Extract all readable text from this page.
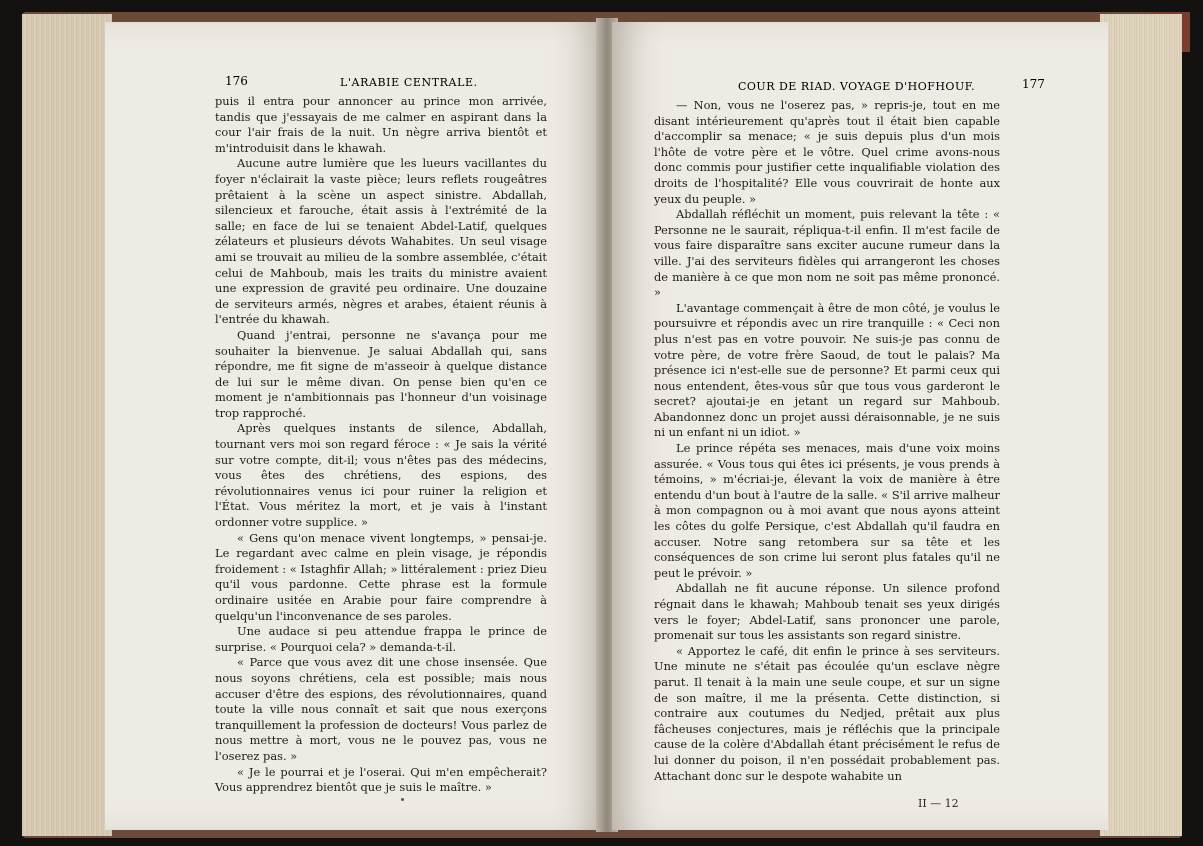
176	L'ARABIE CENTRALE.

puis il entra pour annoncer au prince mon arrivée, tandis que j'essayais de me calmer en aspirant dans la cour l'air frais de la nuit. Un nègre arriva bientôt et m'introduisit dans le khawah.

Aucune autre lumière que les lueurs vacillantes du foyer n'éclairait la vaste pièce; leurs reflets rougeâtres prêtaient à la scène un aspect sinistre. Abdallah, silencieux et farouche, était assis à l'extrémité de la salle; en face de lui se tenaient Abdel-Latif, quelques zélateurs et plusieurs dévots Wahabites. Un seul visage ami se trouvait au milieu de la sombre assemblée, c'était celui de Mahboub, mais les traits du ministre avaient une expression de gravité peu ordinaire. Une douzaine de serviteurs armés, nègres et arabes, étaient réunis à l'entrée du khawah.

Quand j'entrai, personne ne s'avança pour me souhaiter la bienvenue. Je saluai Abdallah qui, sans répondre, me fit signe de m'asseoir à quelque distance de lui sur le même divan. On pense bien qu'en ce moment je n'ambitionnais pas l'honneur d'un voisinage trop rapproché.

Après quelques instants de silence, Abdallah, tournant vers moi son regard féroce : « Je sais la vérité sur votre compte, dit-il; vous n'êtes pas des médecins, vous êtes des chrétiens, des espions, des révolutionnaires venus ici pour ruiner la religion et l'État. Vous méritez la mort, et je vais à l'instant ordonner votre supplice. »

« Gens qu'on menace vivent longtemps, » pensai-je. Le regardant avec calme en plein visage, je répondis froidement : « Istaghfir Allah; » littéralement : priez Dieu qu'il vous pardonne. Cette phrase est la formule ordinaire usitée en Arabie pour faire comprendre à quelqu'un l'inconvenance de ses paroles.

Une audace si peu attendue frappa le prince de surprise. « Pourquoi cela? » demanda-t-il.

« Parce que vous avez dit une chose insensée. Que nous soyons chrétiens, cela est possible; mais nous accuser d'être des espions, des révolutionnaires, quand toute la ville nous connaît et sait que nous exerçons tranquillement la profession de docteurs! Vous parlez de nous mettre à mort, vous ne le pouvez pas, vous ne l'oserez pas. »

« Je le pourrai et je l'oserai. Qui m'en empêcherait? Vous apprendrez bientôt que je suis le maître. »

COUR DE RIAD. VOYAGE D'HOFHOUF.	177

— Non, vous ne l'oserez pas, » repris-je, tout en me disant intérieurement qu'après tout il était bien capable d'accomplir sa menace; « je suis depuis plus d'un mois l'hôte de votre père et le vôtre. Quel crime avons-nous donc commis pour justifier cette inqualifiable violation des droits de l'hospitalité? Elle vous couvrirait de honte aux yeux du peuple. »

Abdallah réfléchit un moment, puis relevant la tête : « Personne ne le saurait, répliqua-t-il enfin. Il m'est facile de vous faire disparaître sans exciter aucune rumeur dans la ville. J'ai des serviteurs fidèles qui arrangeront les choses de manière à ce que mon nom ne soit pas même prononcé. »

L'avantage commençait à être de mon côté, je voulus le poursuivre et répondis avec un rire tranquille : « Ceci non plus n'est pas en votre pouvoir. Ne suis-je pas connu de votre père, de votre frère Saoud, de tout le palais? Ma présence ici n'est-elle sue de personne? Et parmi ceux qui nous entendent, êtes-vous sûr que tous vous garderont le secret? ajoutai-je en jetant un regard sur Mahboub. Abandonnez donc un projet aussi déraisonnable, je ne suis ni un enfant ni un idiot. »

Le prince répéta ses menaces, mais d'une voix moins assurée. « Vous tous qui êtes ici présents, je vous prends à témoins, » m'écriai-je, élevant la voix de manière à être entendu d'un bout à l'autre de la salle. « S'il arrive malheur à mon compagnon ou à moi avant que nous ayons atteint les côtes du golfe Persique, c'est Abdallah qu'il faudra en accuser. Notre sang retombera sur sa tête et les conséquences de son crime lui seront plus fatales qu'il ne peut le prévoir. »

Abdallah ne fit aucune réponse. Un silence profond régnait dans le khawah; Mahboub tenait ses yeux dirigés vers le foyer; Abdel-Latif, sans prononcer une parole, promenait sur tous les assistants son regard sinistre.

« Apportez le café, dit enfin le prince à ses serviteurs. Une minute ne s'était pas écoulée qu'un esclave nègre parut. Il tenait à la main une seule coupe, et sur un signe de son maître, il me la présenta. Cette distinction, si contraire aux coutumes du Nedjed, prêtait aux plus fâcheuses conjectures, mais je réfléchis que la principale cause de la colère d'Abdallah étant précisément le refus de lui donner du poison, il n'en possédait probablement pas. Attachant donc sur le despote wahabite un

II — 12
